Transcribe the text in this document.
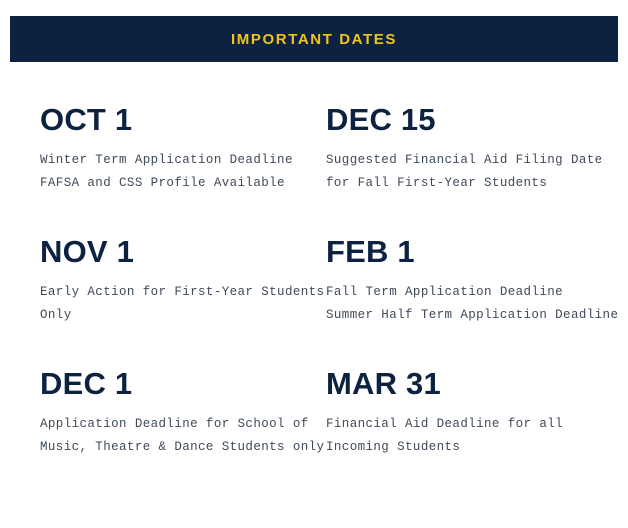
IMPORTANT DATES
OCT 1
Winter Term Application Deadline
FAFSA and CSS Profile Available
DEC 15
Suggested Financial Aid Filing Date
for Fall First-Year Students
NOV 1
Early Action for First-Year Students
Only
FEB 1
Fall Term Application Deadline
Summer Half Term Application Deadline
DEC 1
Application Deadline for School of
Music, Theatre & Dance Students only
MAR 31
Financial Aid Deadline for all
Incoming Students
